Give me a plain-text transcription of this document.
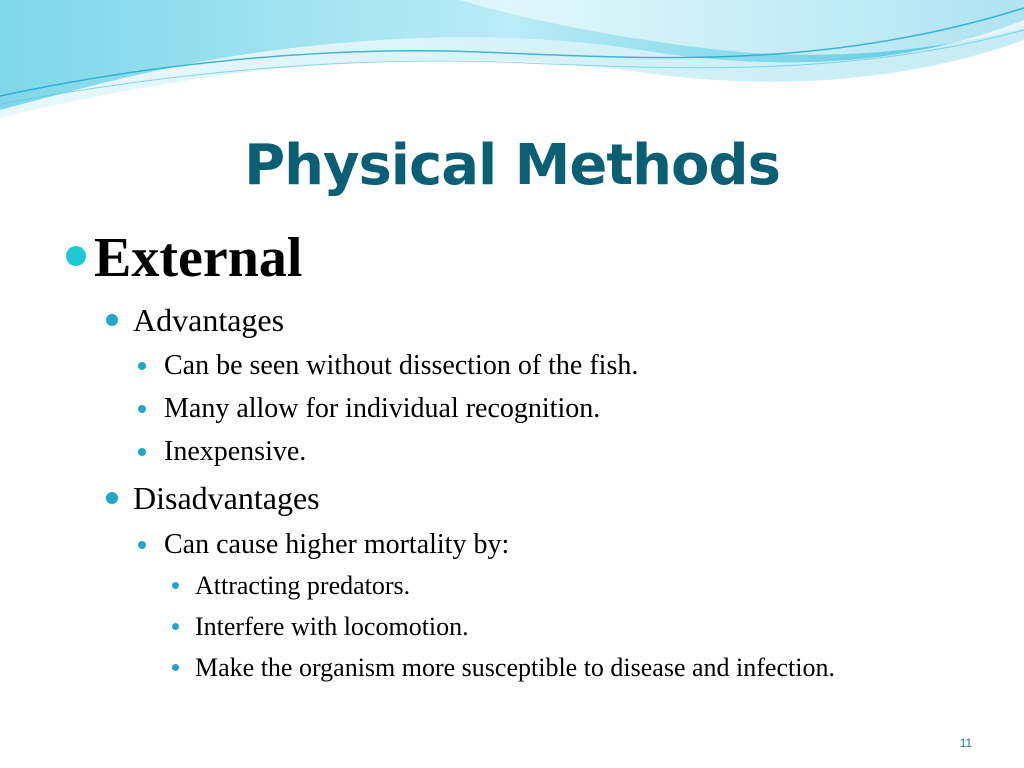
Physical Methods
External
Advantages
Can be seen without dissection of the fish.
Many allow for individual recognition.
Inexpensive.
Disadvantages
Can cause higher mortality by:
Attracting predators.
Interfere with locomotion.
Make the organism more susceptible to disease and infection.
11
